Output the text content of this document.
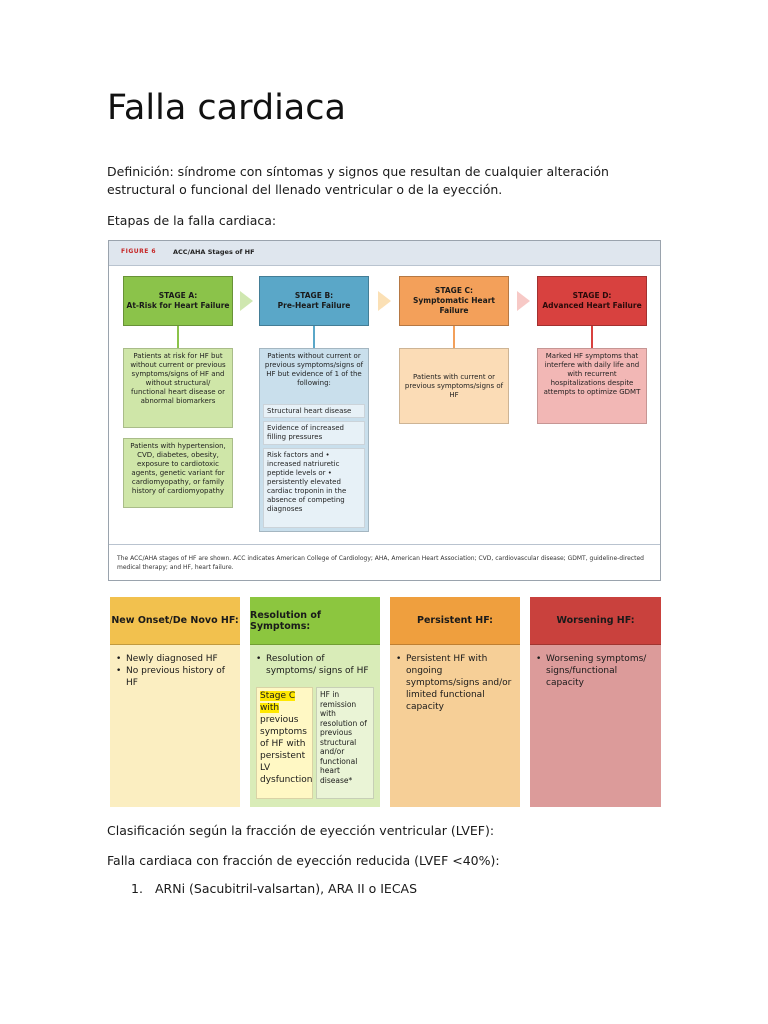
Falla cardiaca

Definición: síndrome con síntomas y signos que resultan de cualquier alteración estructural o funcional del llenado ventricular o de la eyección.

Etapas de la falla cardiaca:

FIGURE 6	ACC/AHA Stages of HF
STAGE A:
At-Risk for Heart Failure
STAGE B:
Pre-Heart Failure
STAGE C:
Symptomatic Heart Failure
STAGE D:
Advanced Heart Failure
Patients at risk for HF but without current or previous symptoms/signs of HF and without structural/ functional heart disease or abnormal biomarkers
Patients with hypertension, CVD, diabetes, obesity, exposure to cardiotoxic agents, genetic variant for cardiomyopathy, or family history of cardiomyopathy
Patients without current or previous symptoms/signs of HF but evidence of 1 of the following:
Structural heart disease
Evidence of increased filling pressures
Risk factors and • increased natriuretic peptide levels or • persistently elevated cardiac troponin in the absence of competing diagnoses
Patients with current or previous symptoms/signs of HF
Marked HF symptoms that interfere with daily life and with recurrent hospitalizations despite attempts to optimize GDMT
The ACC/AHA stages of HF are shown. ACC indicates American College of Cardiology; AHA, American Heart Association; CVD, cardiovascular disease; GDMT, guideline-directed medical therapy; and HF, heart failure.
New Onset/De Novo HF:
• Newly diagnosed HF
• No previous history of HF
Resolution of Symptoms:
• Resolution of symptoms/ signs of HF
Stage C with previous symptoms of HF with persistent LV dysfunction
HF in remission with resolution of previous structural and/or functional heart disease*
Persistent HF:
• Persistent HF with ongoing symptoms/signs and/or limited functional capacity
Worsening HF:
• Worsening symptoms/ signs/functional capacity

Clasificación según la fracción de eyección ventricular (LVEF):

Falla cardiaca con fracción de eyección reducida (LVEF <40%):

1. ARNi (Sacubitril-valsartan), ARA II o IECAS
